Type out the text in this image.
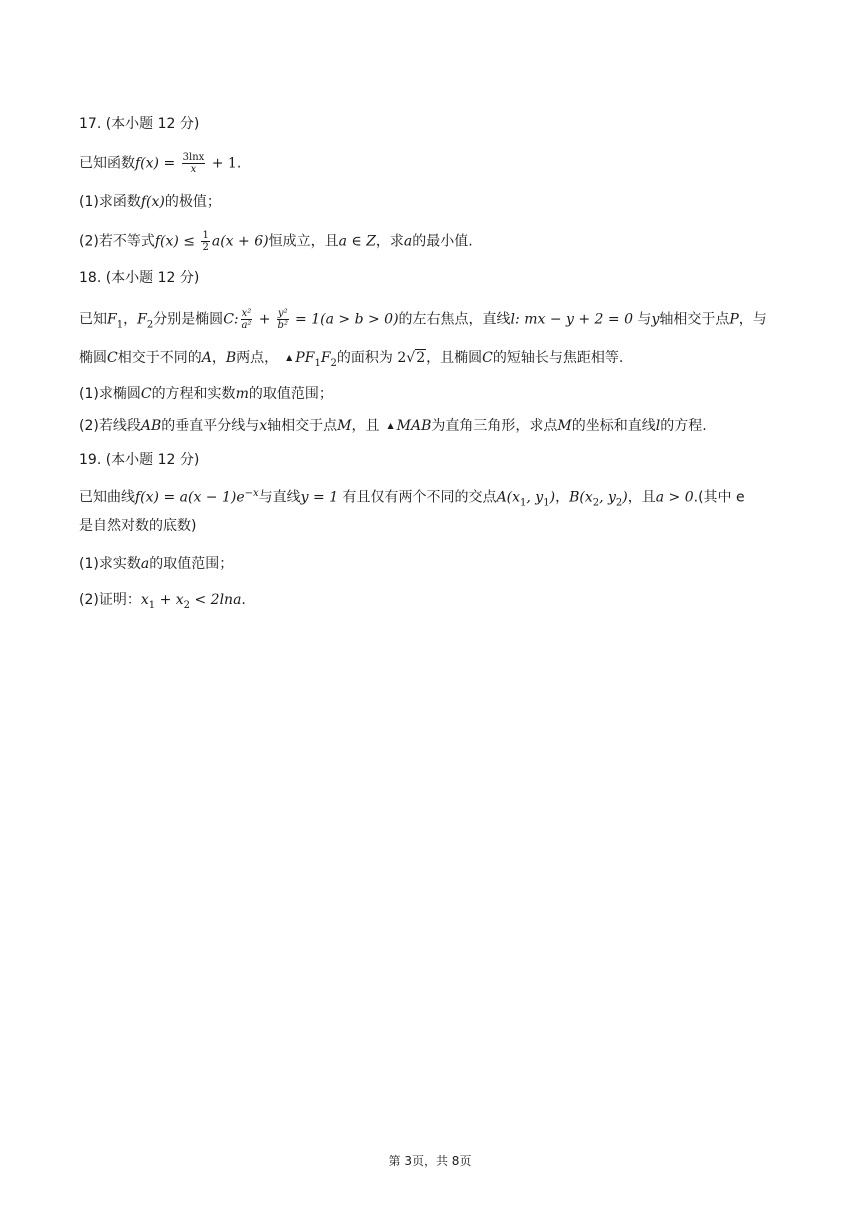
17. (本小题 12 分)
已知函数$f(x) = \frac{3\ln x}{x} + 1$.
(1)求函数f(x)的极值；
(2)若不等式$f(x) \le \frac{1}{2} a(x + 6)$恒成立，且a ∈ Z，求a的最小值.
18. (本小题 12 分)
已知$F_1$，$F_2$分别是椭圆C: $\frac{\text{x²}}{\text{a²}} + \frac{\text{y²}}{\text{b²}} = 1(a > b > 0)$的左右焦点，直线l: mx − y + 2 = 0 与y轴相交于点P，与
椭圆C相交于不同的A，B两点， ▲ $PF_1F_2$的面积为 2√2，且椭圆C的短轴长与焦距相等.
(1)求椭圆C的方程和实数m的取值范围；
(2)若线段AB的垂直平分线与x轴相交于点M，且 ▲ MAB为直角三角形，求点M的坐标和直线l的方程.
19. (本小题 12 分)
已知曲线$f(x) = a(x - 1)e^{-x}$与直线y = 1 有且仅有两个不同的交点$A(x_1$, $y_1$)，$B(x_2$, $y_2$)，且a > 0.(其中 e
是自然对数的底数)
(1)求实数a的取值范围；
(2)证明：$x_1 + x_2 < 2\ln a$.
第 3页，共 8页
